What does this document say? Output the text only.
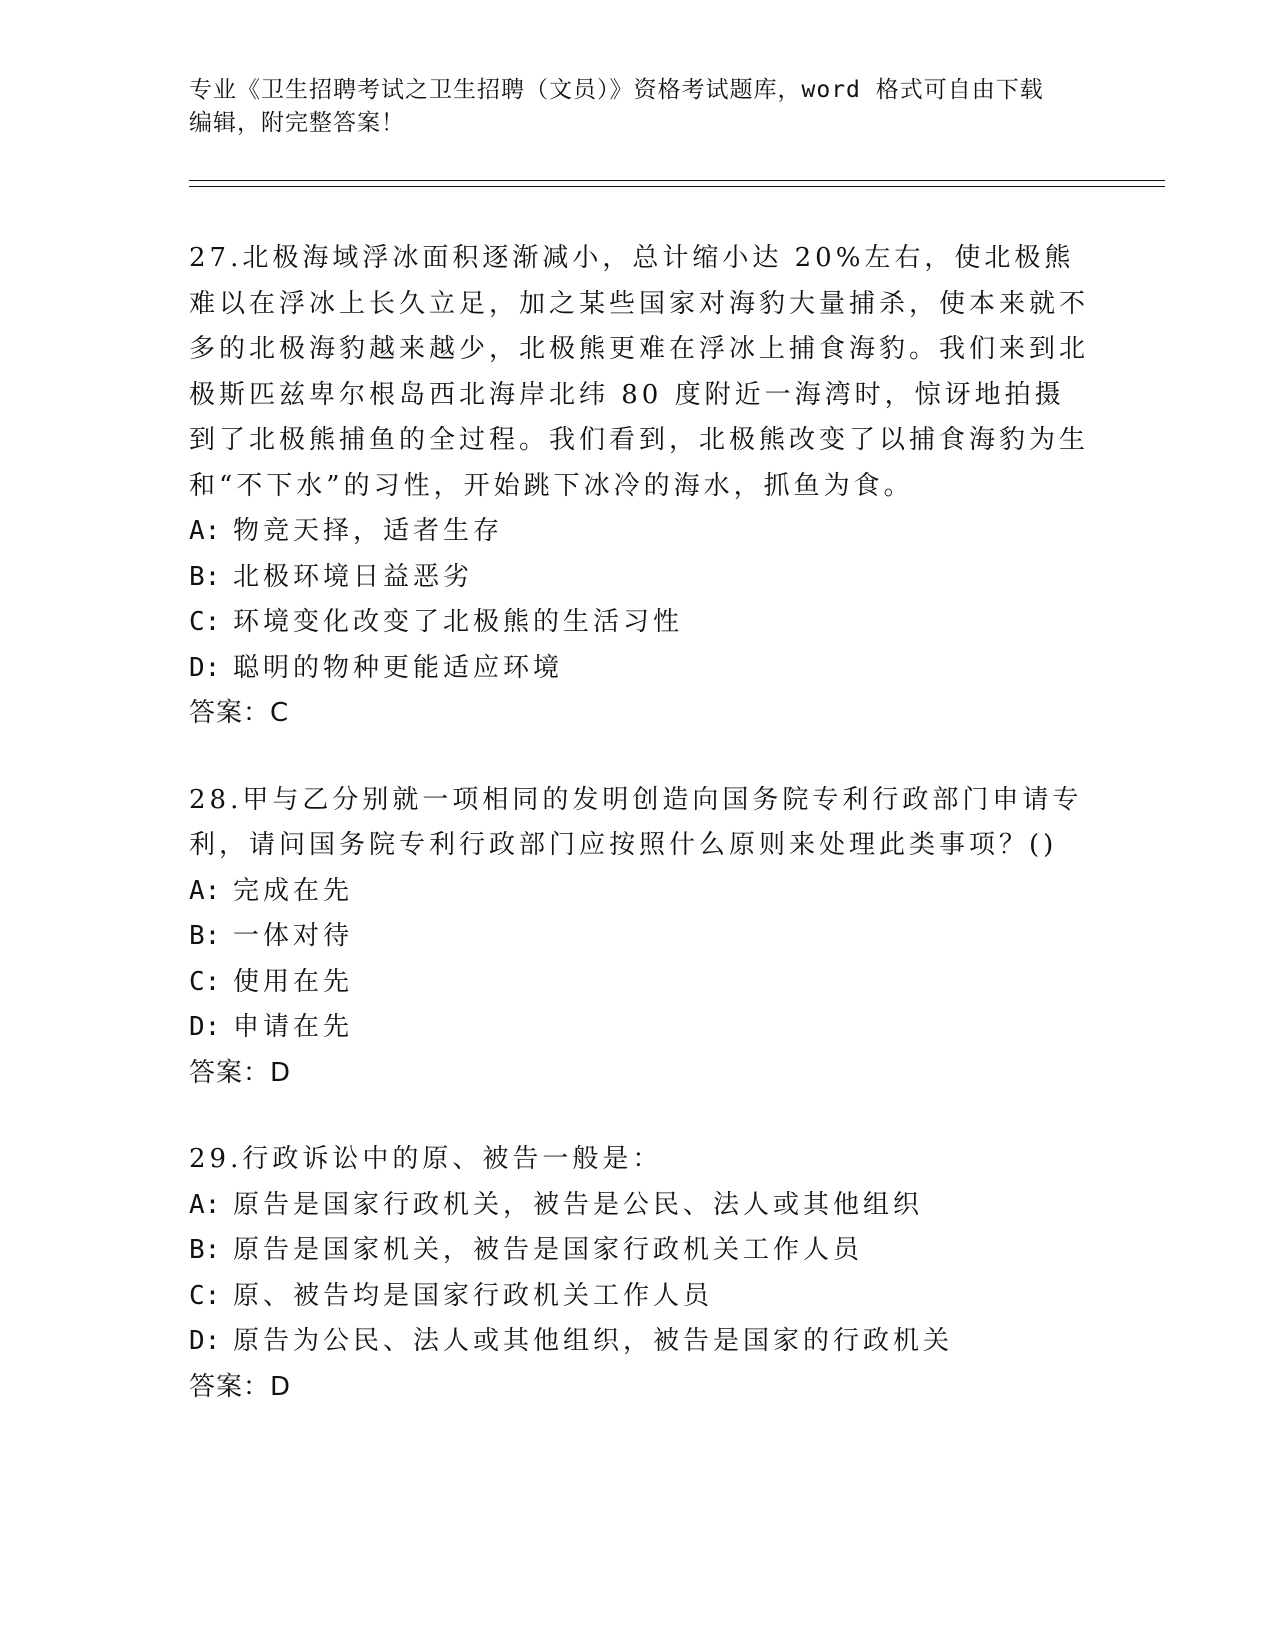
专业《卫生招聘考试之卫生招聘（文员）》资格考试题库，word 格式可自由下载
编辑，附完整答案！

27.北极海域浮冰面积逐渐减小，总计缩小达 20%左右，使北极熊难以在浮冰上长久立足，加之某些国家对海豹大量捕杀，使本来就不多的北极海豹越来越少，北极熊更难在浮冰上捕食海豹。我们来到北极斯匹兹卑尔根岛西北海岸北纬 80 度附近一海湾时，惊讶地拍摄到了北极熊捕鱼的全过程。我们看到，北极熊改变了以捕食海豹为生和“不下水”的习性，开始跳下冰冷的海水，抓鱼为食。

A: 物竞天择，适者生存
B: 北极环境日益恶劣
C: 环境变化改变了北极熊的生活习性
D: 聪明的物种更能适应环境

答案：C

28.甲与乙分别就一项相同的发明创造向国务院专利行政部门申请专利，请问国务院专利行政部门应按照什么原则来处理此类事项？()

A: 完成在先
B: 一体对待
C: 使用在先
D: 申请在先

答案：D

29.行政诉讼中的原、被告一般是：

A: 原告是国家行政机关，被告是公民、法人或其他组织
B: 原告是国家机关，被告是国家行政机关工作人员
C: 原、被告均是国家行政机关工作人员
D: 原告为公民、法人或其他组织，被告是国家的行政机关

答案：D
